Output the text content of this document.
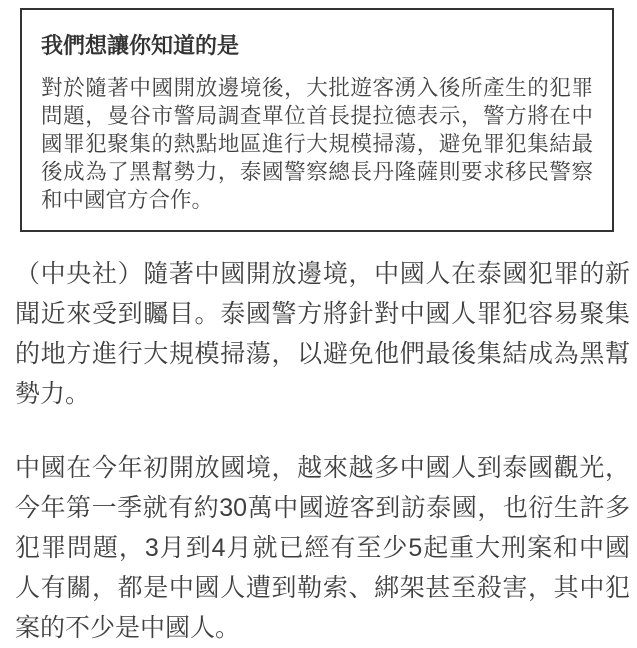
我們想讓你知道的是

對於隨著中國開放邊境後，大批遊客湧入後所產生的犯罪問題，曼谷市警局調查單位首長提拉德表示，警方將在中國罪犯聚集的熱點地區進行大規模掃蕩，避免罪犯集結最後成為了黑幫勢力，泰國警察總長丹隆薩則要求移民警察和中國官方合作。

（中央社）隨著中國開放邊境，中國人在泰國犯罪的新聞近來受到矚目。泰國警方將針對中國人罪犯容易聚集的地方進行大規模掃蕩，以避免他們最後集結成為黑幫勢力。

中國在今年初開放國境，越來越多中國人到泰國觀光，今年第一季就有約30萬中國遊客到訪泰國，也衍生許多犯罪問題，3月到4月就已經有至少5起重大刑案和中國人有關，都是中國人遭到勒索、綁架甚至殺害，其中犯案的不少是中國人。
